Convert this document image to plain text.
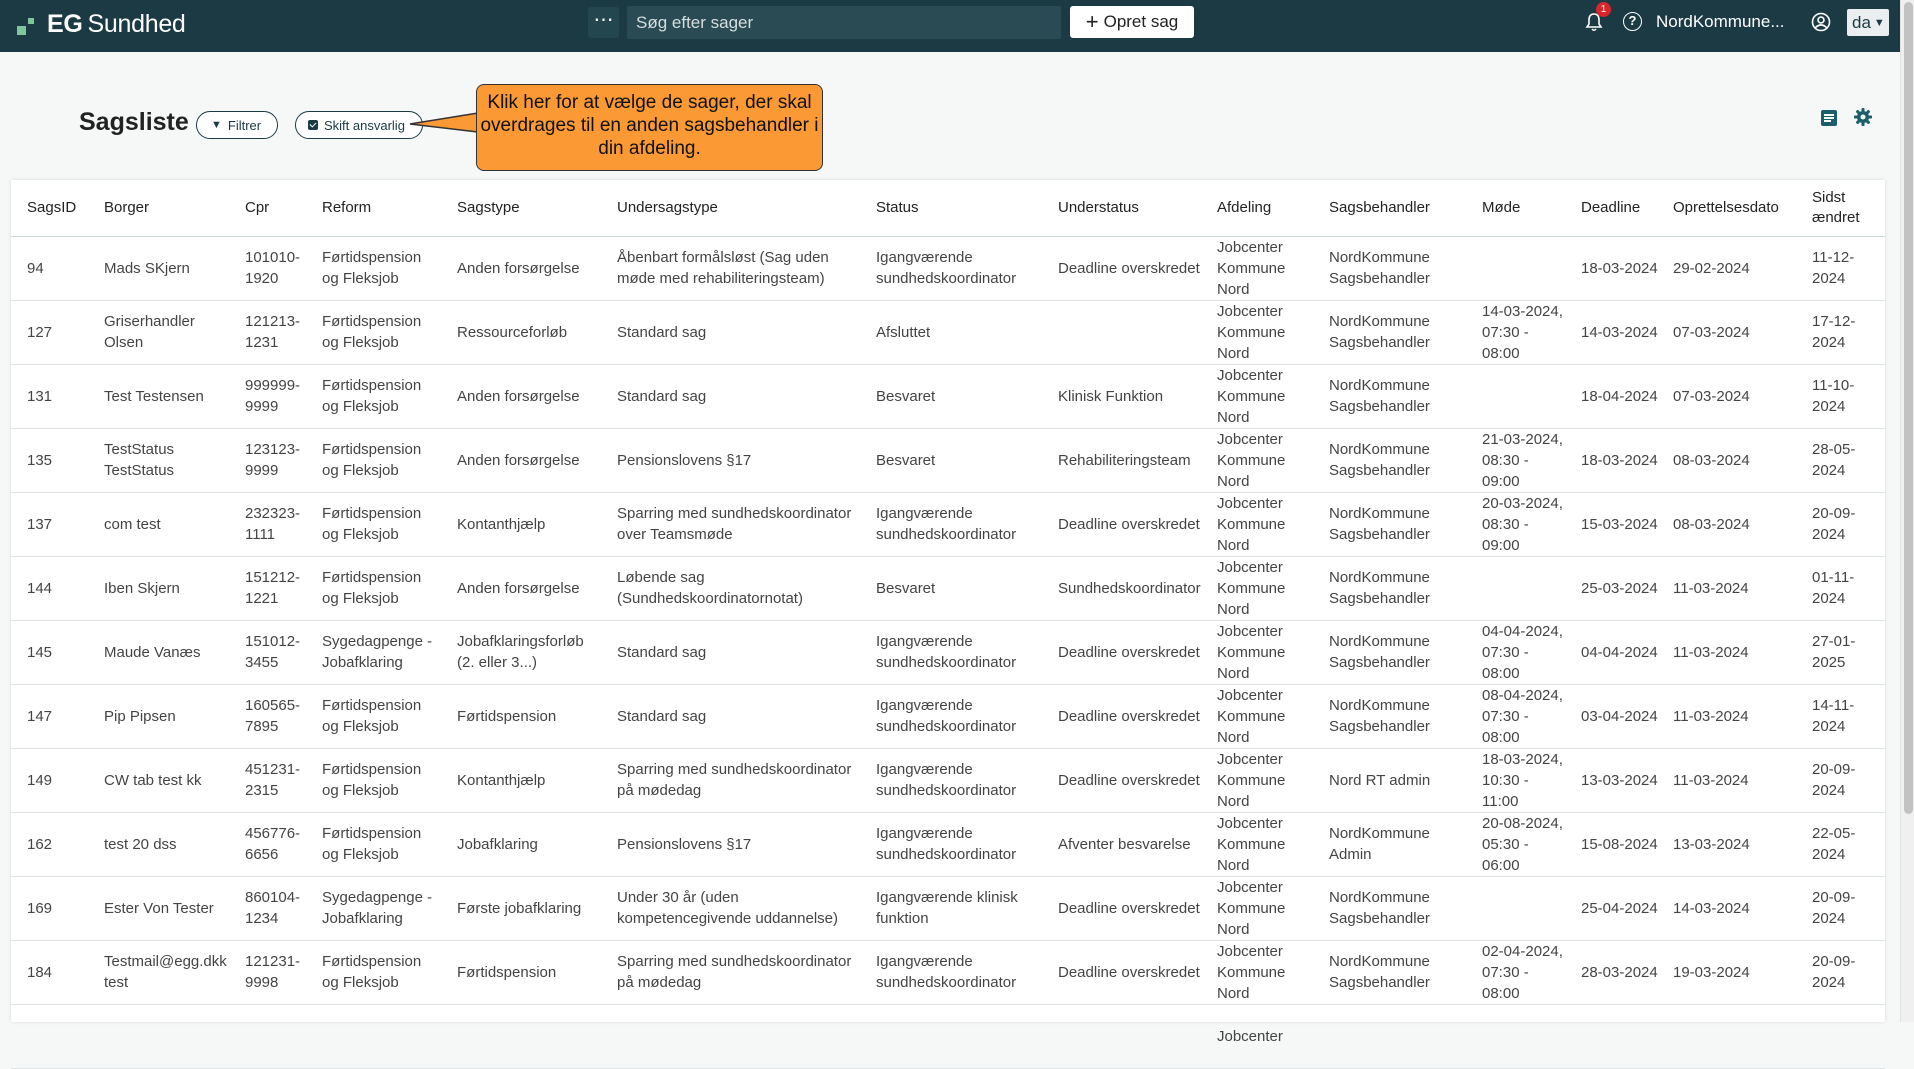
EG Sundhed	⋯
Søg efter sager	+ Opret sag
1
?	NordKommune...	da ▼
Sagsliste ▼ Filtrer	Skift ansvarlig
Klik her for at vælge de sager, der skal overdrages til en anden sagsbehandler i din afdeling.
SagsID	Borger	Cpr	Reform	Sagstype	Undersagstype	Status	Understatus	Afdeling	Sagsbehandler	Møde	Deadline	Oprettelsesdato	Sidst ændret
94	Mads SKjern	101010-1920	Førtidspension og Fleksjob	Anden forsørgelse	Åbenbart formålsløst (Sag uden møde med rehabiliteringsteam)	Igangværende sundhedskoordinator	Deadline overskredet	Jobcenter Kommune Nord	NordKommune Sagsbehandler		18-03-2024	29-02-2024	11-12-2024
127	Griserhandler Olsen	121213-1231	Førtidspension og Fleksjob	Ressourceforløb	Standard sag	Afsluttet		Jobcenter Kommune Nord	NordKommune Sagsbehandler	14-03-2024, 07:30 - 08:00	14-03-2024	07-03-2024	17-12-2024
131	Test Testensen	999999-9999	Førtidspension og Fleksjob	Anden forsørgelse	Standard sag	Besvaret	Klinisk Funktion	Jobcenter Kommune Nord	NordKommune Sagsbehandler		18-04-2024	07-03-2024	11-10-2024
135	TestStatus TestStatus	123123-9999	Førtidspension og Fleksjob	Anden forsørgelse	Pensionslovens §17	Besvaret	Rehabiliteringsteam	Jobcenter Kommune Nord	NordKommune Sagsbehandler	21-03-2024, 08:30 - 09:00	18-03-2024	08-03-2024	28-05-2024
137	com test	232323-1111	Førtidspension og Fleksjob	Kontanthjælp	Sparring med sundhedskoordinator over Teamsmøde	Igangværende sundhedskoordinator	Deadline overskredet	Jobcenter Kommune Nord	NordKommune Sagsbehandler	20-03-2024, 08:30 - 09:00	15-03-2024	08-03-2024	20-09-2024
144	Iben Skjern	151212-1221	Førtidspension og Fleksjob	Anden forsørgelse	Løbende sag (Sundhedskoordinatornotat)	Besvaret	Sundhedskoordinator	Jobcenter Kommune Nord	NordKommune Sagsbehandler		25-03-2024	11-03-2024	01-11-2024
145	Maude Vanæs	151012-3455	Sygedagpenge - Jobafklaring	Jobafklaringsforløb (2. eller 3...)	Standard sag	Igangværende sundhedskoordinator	Deadline overskredet	Jobcenter Kommune Nord	NordKommune Sagsbehandler	04-04-2024, 07:30 - 08:00	04-04-2024	11-03-2024	27-01-2025
147	Pip Pipsen	160565-7895	Førtidspension og Fleksjob	Førtidspension	Standard sag	Igangværende sundhedskoordinator	Deadline overskredet	Jobcenter Kommune Nord	NordKommune Sagsbehandler	08-04-2024, 07:30 - 08:00	03-04-2024	11-03-2024	14-11-2024
149	CW tab test kk	451231-2315	Førtidspension og Fleksjob	Kontanthjælp	Sparring med sundhedskoordinator på mødedag	Igangværende sundhedskoordinator	Deadline overskredet	Jobcenter Kommune Nord	Nord RT admin	18-03-2024, 10:30 - 11:00	13-03-2024	11-03-2024	20-09-2024
162	test 20 dss	456776-6656	Førtidspension og Fleksjob	Jobafklaring	Pensionslovens §17	Igangværende sundhedskoordinator	Afventer besvarelse	Jobcenter Kommune Nord	NordKommune Admin	20-08-2024, 05:30 - 06:00	15-08-2024	13-03-2024	22-05-2024
169	Ester Von Tester	860104-1234	Sygedagpenge - Jobafklaring	Første jobafklaring	Under 30 år (uden kompetencegivende uddannelse)	Igangværende klinisk funktion	Deadline overskredet	Jobcenter Kommune Nord	NordKommune Sagsbehandler		25-04-2024	14-03-2024	20-09-2024
184	Testmail@egg.dkk test	121231-9998	Førtidspension og Fleksjob	Førtidspension	Sparring med sundhedskoordinator på mødedag	Igangværende sundhedskoordinator	Deadline overskredet	Jobcenter Kommune Nord	NordKommune Sagsbehandler	02-04-2024, 07:30 - 08:00	28-03-2024	19-03-2024	20-09-2024
								Jobcenter					
